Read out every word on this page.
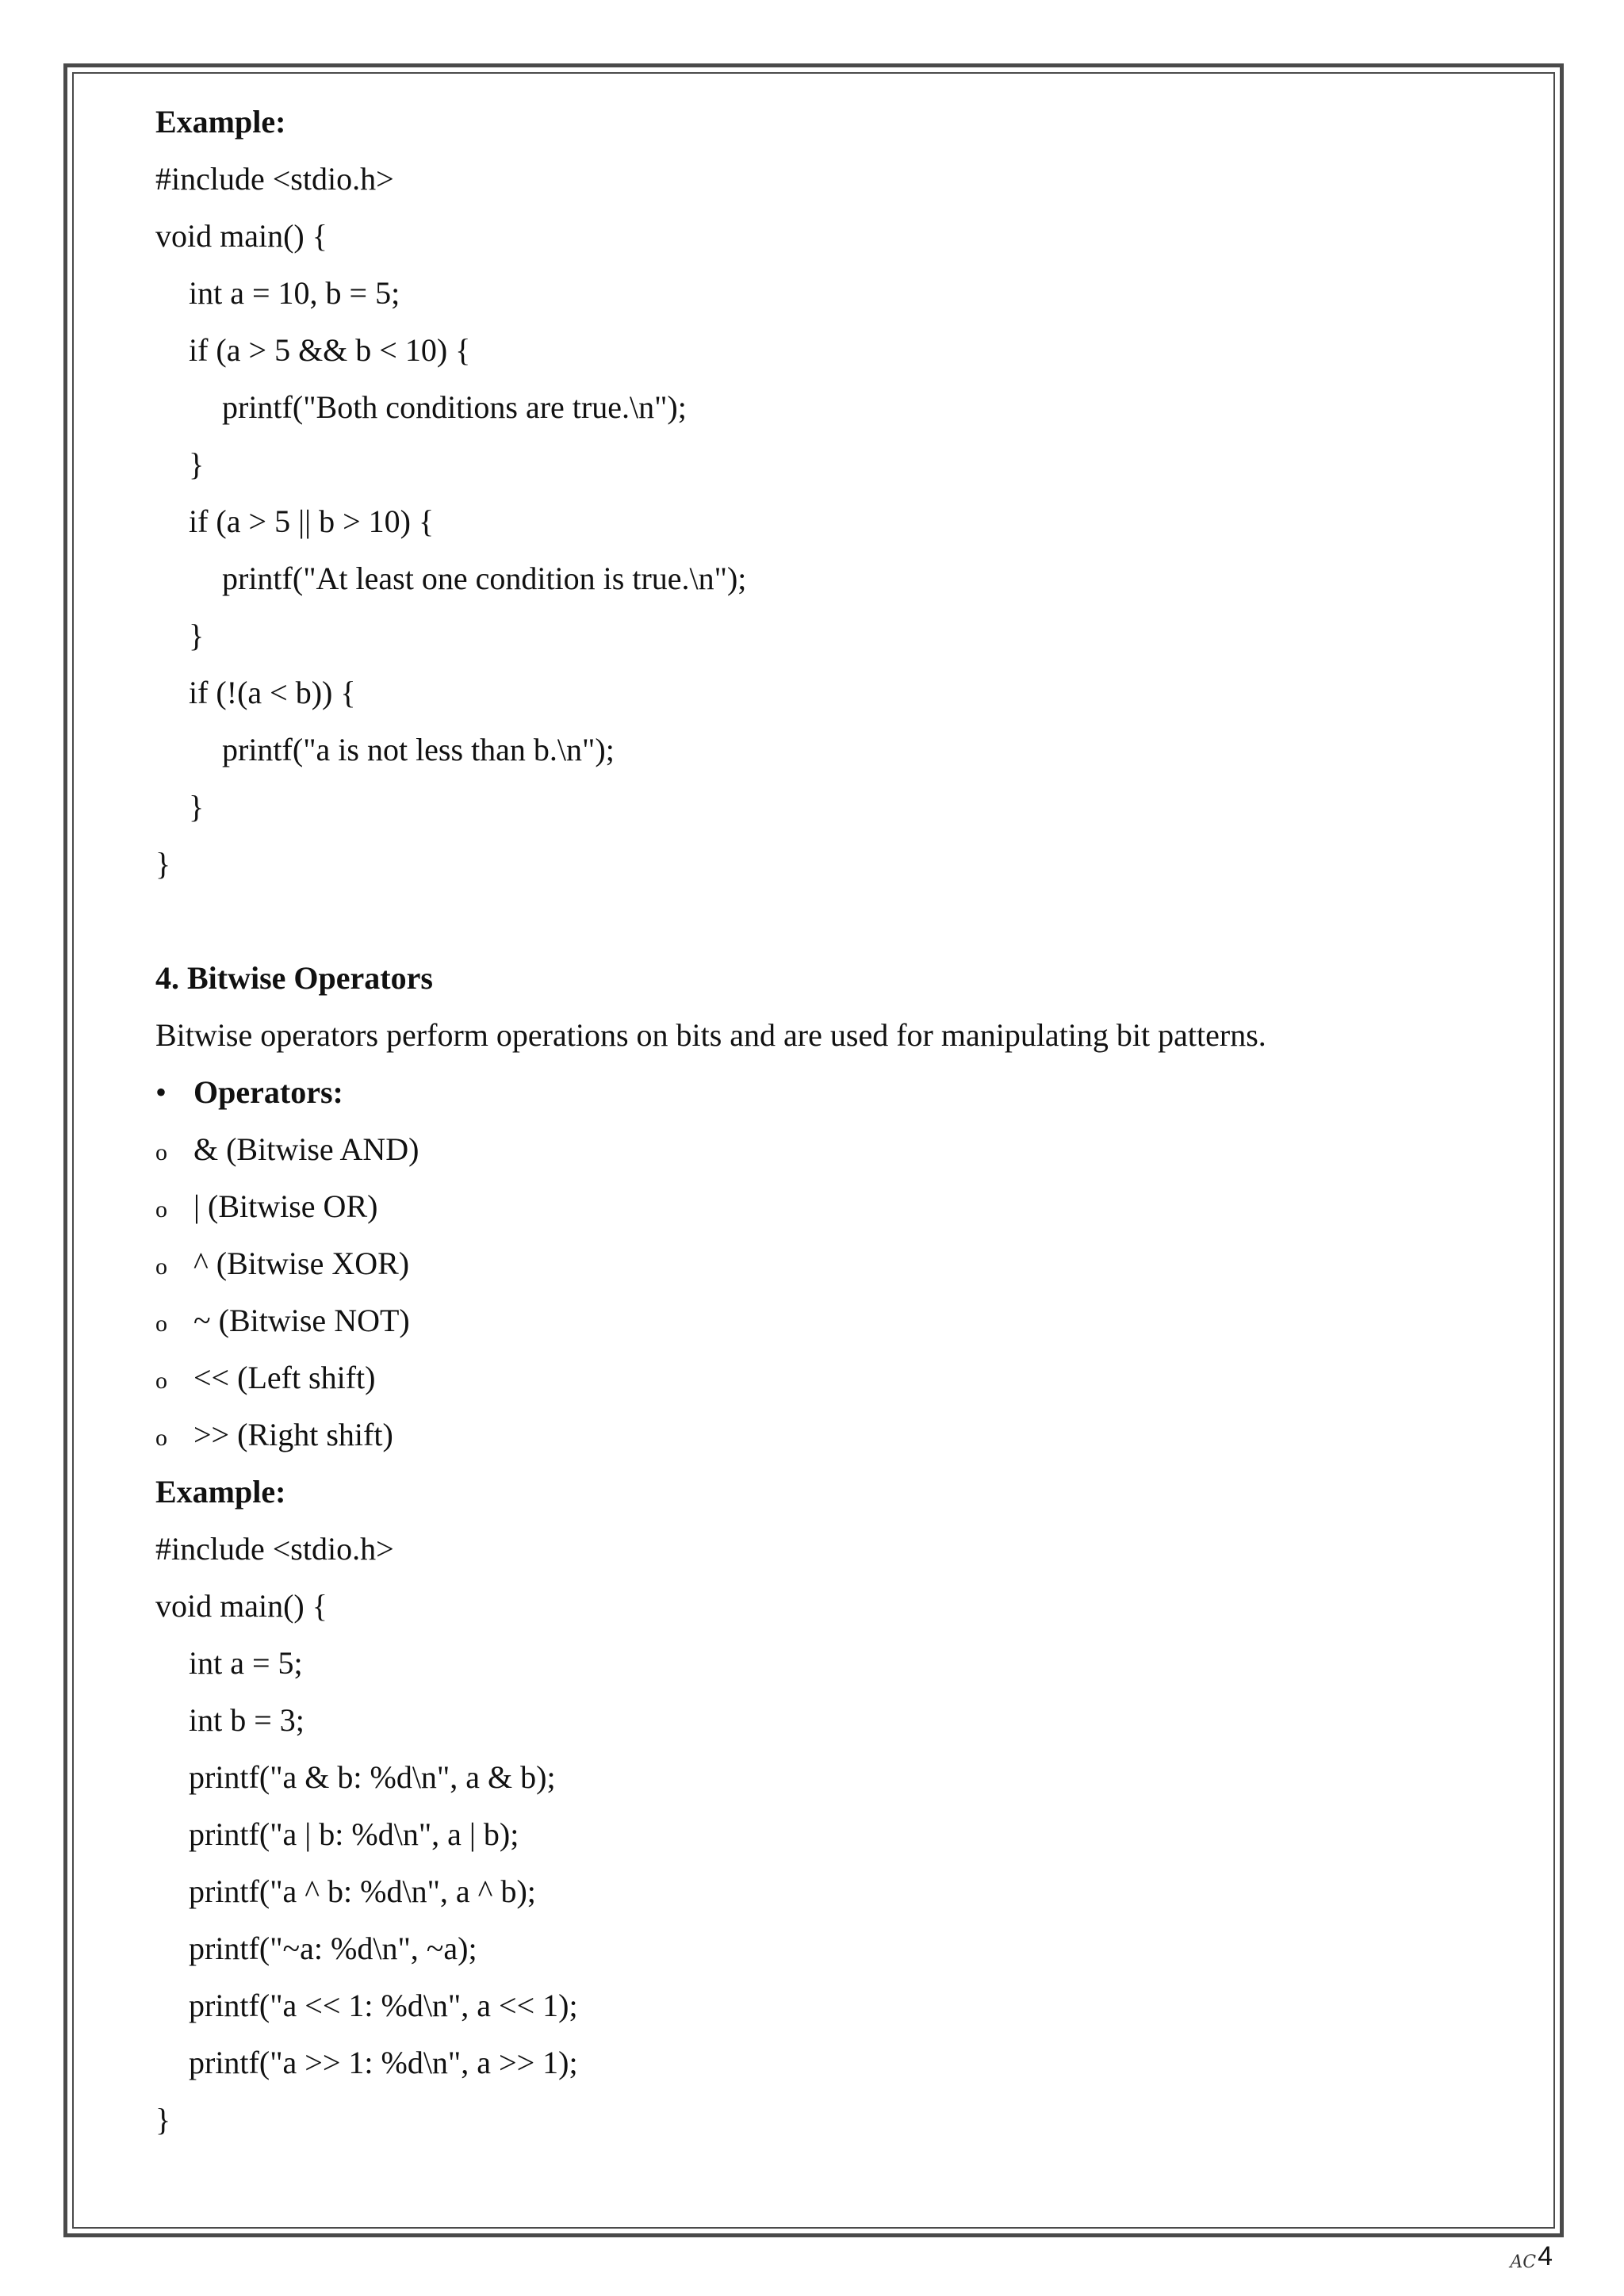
Example:
#include <stdio.h>
void main() {
int a = 10, b = 5;
if (a > 5 && b < 10) {
printf("Both conditions are true.\n");
}
if (a > 5 || b > 10) {
printf("At least one condition is true.\n");
}
if (!(a < b)) {
printf("a is not less than b.\n");
}
}
4. Bitwise Operators
Bitwise operators perform operations on bits and are used for manipulating bit patterns.
• Operators:
o & (Bitwise AND)
o | (Bitwise OR)
o ^ (Bitwise XOR)
o ~ (Bitwise NOT)
o << (Left shift)
o >> (Right shift)
Example:
#include <stdio.h>
void main() {
int a = 5;
int b = 3;
printf("a & b: %d\n", a & b);
printf("a | b: %d\n", a | b);
printf("a ^ b: %d\n", a ^ b);
printf("~a: %d\n", ~a);
printf("a << 1: %d\n", a << 1);
printf("a >> 1: %d\n", a >> 1);
}
AC 4
